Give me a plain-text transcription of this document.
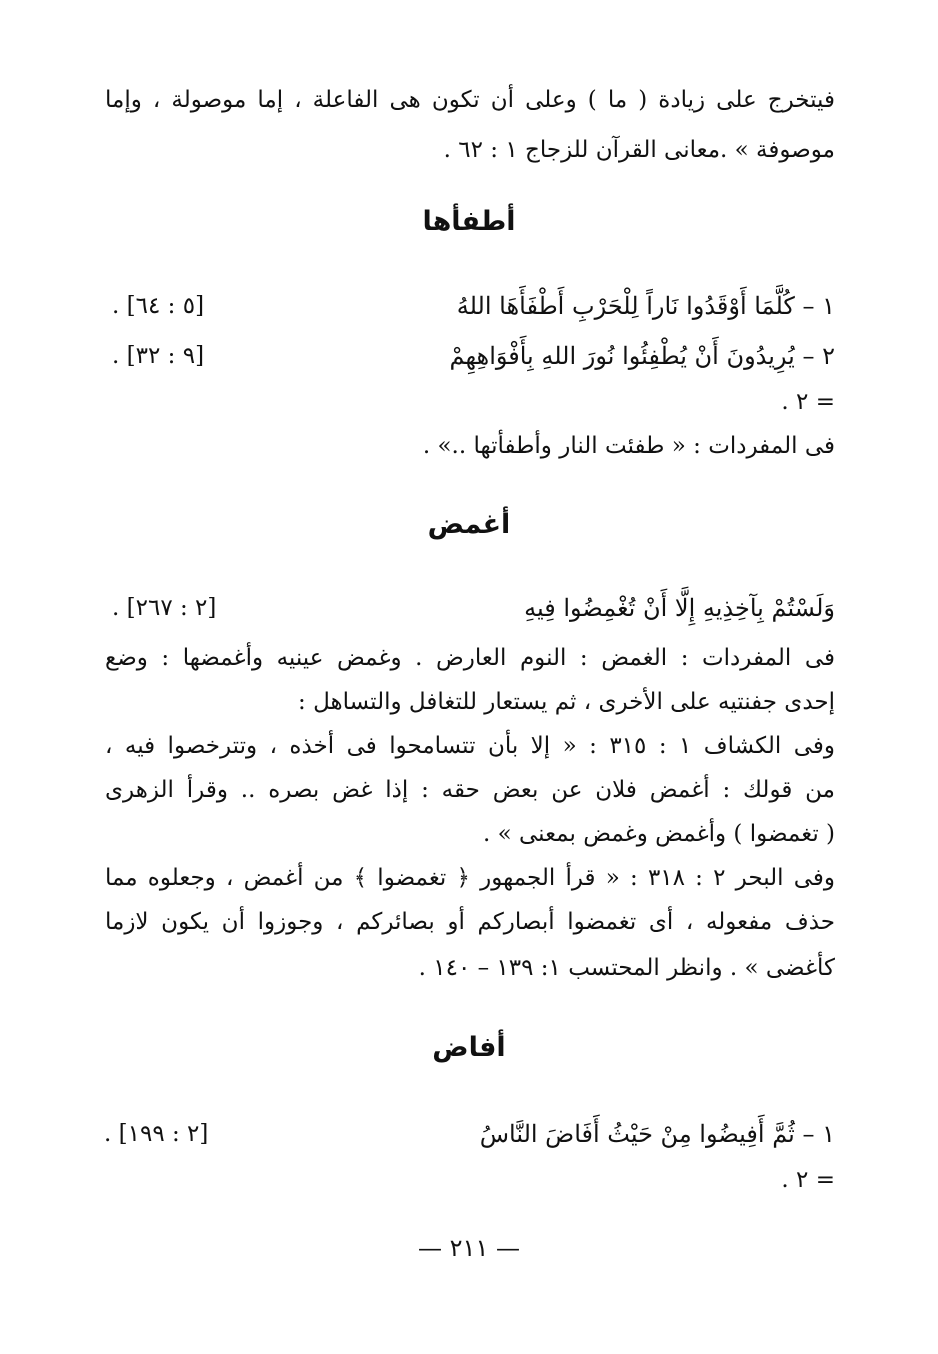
فيتخرج على زيادة ( ما ) وعلى أن تكون هى الفاعلة ، إما موصولة ، وإما
موصوفة » .معانى القرآن للزجاج ١ : ٦٢ .
أطفأها
١ – كُلَّمَا أَوْقَدُوا نَاراً لِلْحَرْبِ أَطْفَأَهَا اللهُ
[٥ : ٦٤] .
٢ – يُرِيدُونَ أَنْ يُطْفِئُوا نُورَ اللهِ بِأَفْوَاهِهِمْ
[٩ : ٣٢] .
= ٢ .
فى المفردات : « طفئت النار وأطفأتها ..» .
أغمض
وَلَسْتُمْ بِآخِذِيهِ إِلَّا أَنْ تُغْمِضُوا فِيهِ
[٢ : ٢٦٧] .
فى المفردات : الغمض : النوم العارض . وغمض عينيه وأغمضها : وضع
إحدى جفنتيه على الأخرى ، ثم يستعار للتغافل والتساهل :
وفى الكشاف ١ : ٣١٥ : « إلا بأن تتسامحوا فى أخذه ، وتترخصوا فيه ،
من قولك : أغمض فلان عن بعض حقه : إذا غض بصره .. وقرأ الزهرى
( تغمضوا ) وأغمض وغمض بمعنى » .
وفى البحر ٢ : ٣١٨ : « قرأ الجمهور ﴿ تغمضوا ﴾ من أغمض ، وجعلوه مما
حذف مفعوله ، أى تغمضوا أبصاركم أو بصائركم ، وجوزوا أن يكون لازما
كأغضى » . وانظر المحتسب ١: ١٣٩ – ١٤٠ .
أفاض
١ – ثُمَّ أَفِيضُوا مِنْ حَيْثُ أَفَاضَ النَّاسُ
[٢ : ١٩٩] .
= ٢ .
— ٢١١ —
